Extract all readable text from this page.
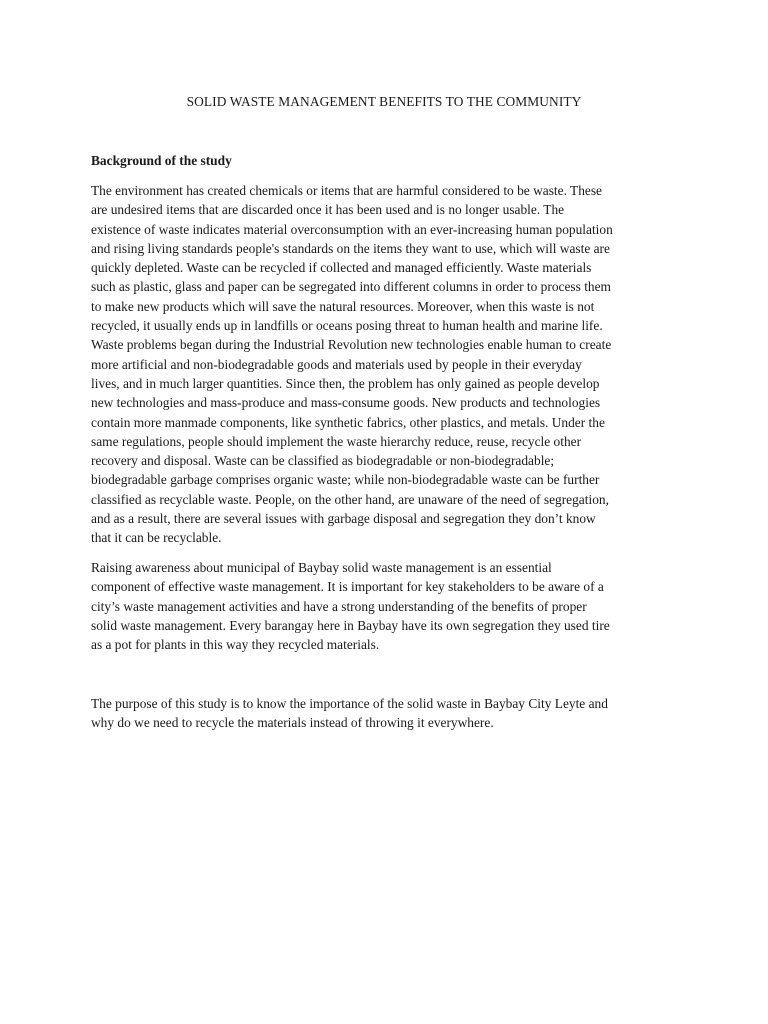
SOLID WASTE MANAGEMENT BENEFITS TO THE COMMUNITY
Background of the study

The environment has created chemicals or items that are harmful considered to be waste. These
are undesired items that are discarded once it has been used and is no longer usable. The
existence of waste indicates material overconsumption with an ever-increasing human population
and rising living standards people's standards on the items they want to use, which will waste are
quickly depleted. Waste can be recycled if collected and managed efficiently. Waste materials
such as plastic, glass and paper can be segregated into different columns in order to process them
to make new products which will save the natural resources. Moreover, when this waste is not
recycled, it usually ends up in landfills or oceans posing threat to human health and marine life.
Waste problems began during the Industrial Revolution new technologies enable human to create
more artificial and non-biodegradable goods and materials used by people in their everyday
lives, and in much larger quantities. Since then, the problem has only gained as people develop
new technologies and mass-produce and mass-consume goods. New products and technologies
contain more manmade components, like synthetic fabrics, other plastics, and metals. Under the
same regulations, people should implement the waste hierarchy reduce, reuse, recycle other
recovery and disposal. Waste can be classified as biodegradable or non-biodegradable;
biodegradable garbage comprises organic waste; while non-biodegradable waste can be further
classified as recyclable waste. People, on the other hand, are unaware of the need of segregation,
and as a result, there are several issues with garbage disposal and segregation they don’t know
that it can be recyclable.

Raising awareness about municipal of Baybay solid waste management is an essential
component of effective waste management. It is important for key stakeholders to be aware of a
city’s waste management activities and have a strong understanding of the benefits of proper
solid waste management. Every barangay here in Baybay have its own segregation they used tire
as a pot for plants in this way they recycled materials.

The purpose of this study is to know the importance of the solid waste in Baybay City Leyte and
why do we need to recycle the materials instead of throwing it everywhere.
